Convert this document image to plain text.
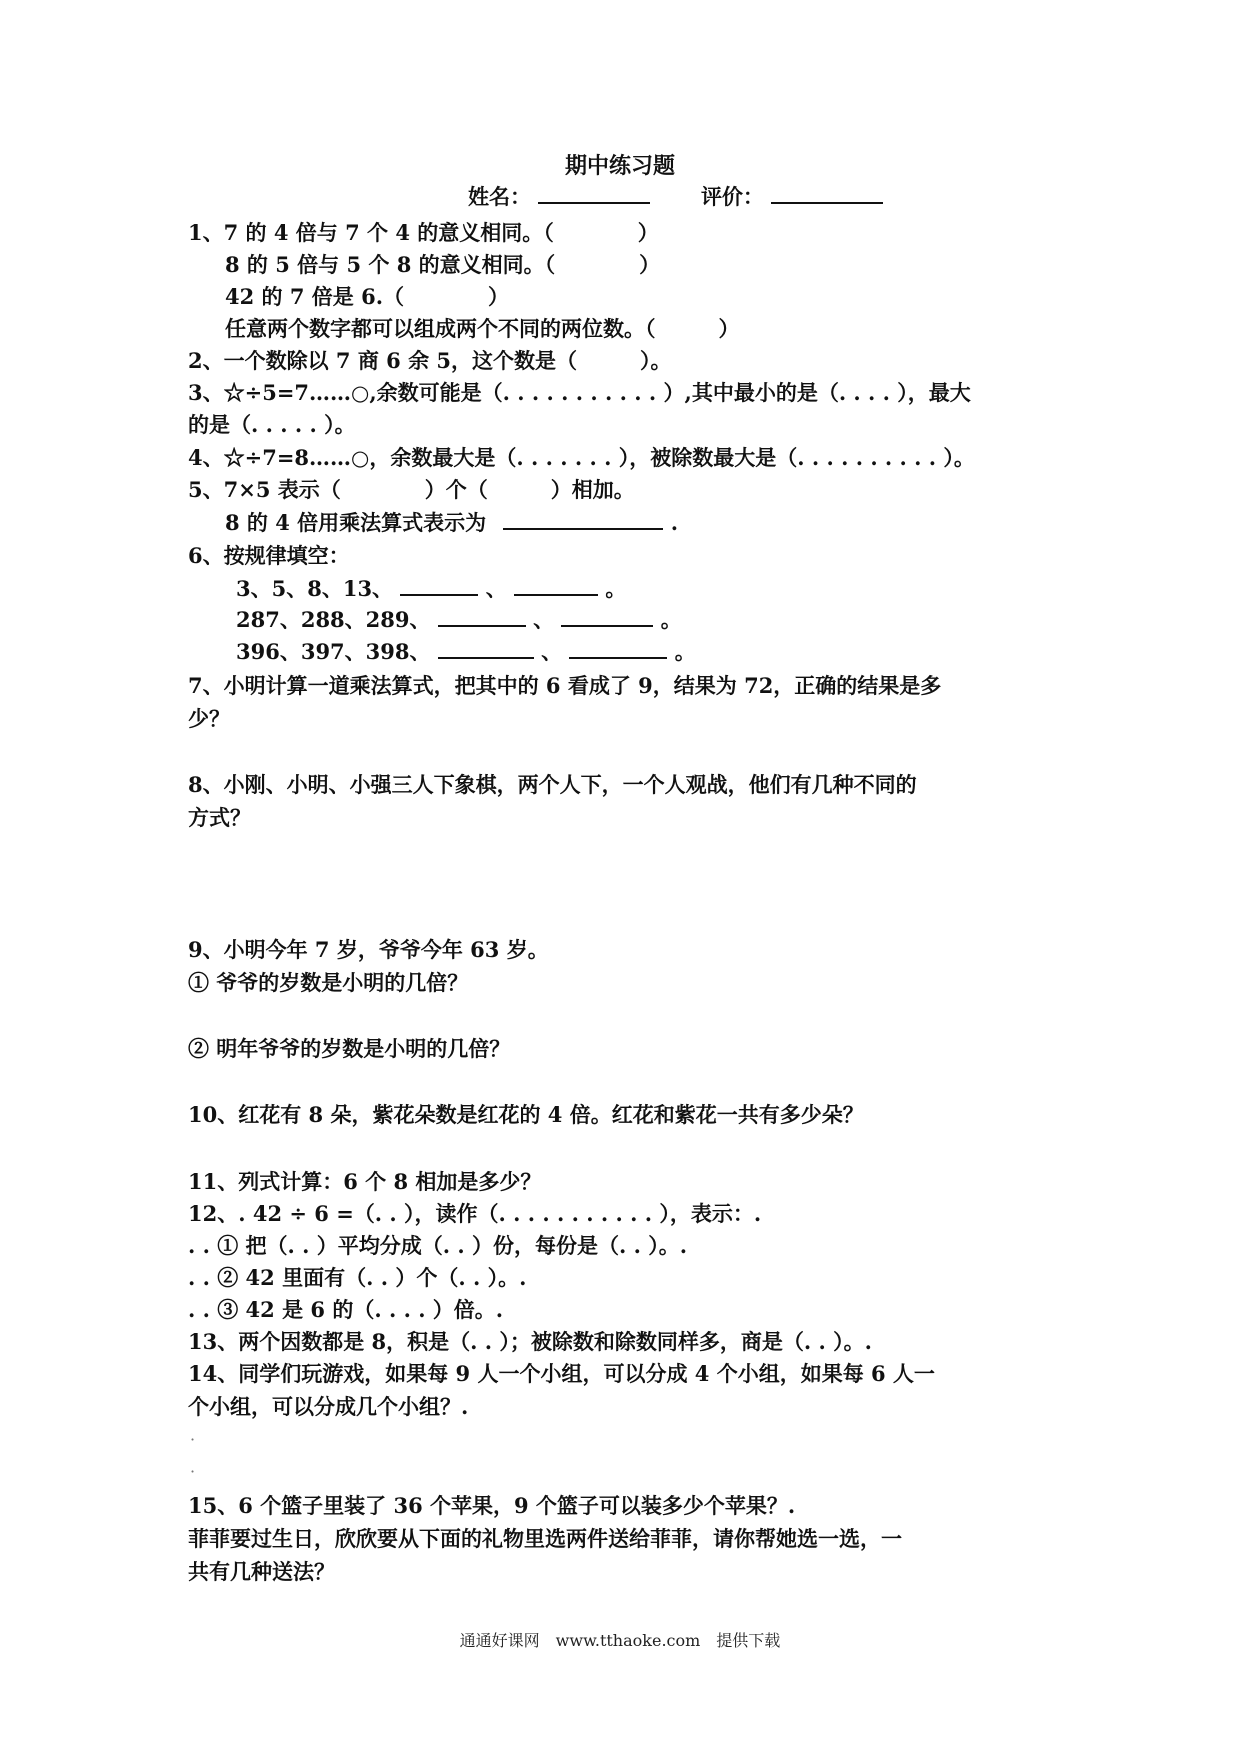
期中练习题
姓名：	评价：
1、7 的 4 倍与 7 个 4 的意义相同。（　　　　）
8 的 5 倍与 5 个 8 的意义相同。（　　　　）
42 的 7 倍是 6.（　　　　）
任意两个数字都可以组成两个不同的两位数。（　　　）
2、一个数除以 7 商 6 余 5，这个数是（　　　）。
3、☆÷5=7……○,余数可能是（. . . . . . . . . . . ）,其中最小的是（. . . . ），最大
的是（. . . . . ）。
4、☆÷7=8……○，余数最大是（. . . . . . . ），被除数最大是（. . . . . . . . . . ）。
5、7×5 表示（　　　　）个（　　　）相加。
8 的 4 倍用乘法算式表示为	.
6、按规律填空：
3、5、8、13、	、	。
287、288、289、	、	。
396、397、398、	、	。
7、小明计算一道乘法算式，把其中的 6 看成了 9，结果为 72，正确的结果是多
少？
8、小刚、小明、小强三人下象棋，两个人下，一个人观战，他们有几种不同的
方式？
9、小明今年 7 岁，爷爷今年 63 岁。
① 爷爷的岁数是小明的几倍？
② 明年爷爷的岁数是小明的几倍？
10、红花有 8 朵，紫花朵数是红花的 4 倍。红花和紫花一共有多少朵？
11、列式计算：6 个 8 相加是多少？
12、. 42 ÷ 6 =（. . ），读作（. . . . . . . . . . . ），表示：.
. . ① 把（. . ）平均分成（. . ）份，每份是（. . ）。.
. . ② 42 里面有（. . ）个（. . ）。.
. . ③ 42 是 6 的（. . . . ）倍。.
13、两个因数都是 8，积是（. . ）；被除数和除数同样多，商是（. . ）。.
14、同学们玩游戏，如果每 9 人一个小组，可以分成 4 个小组，如果每 6 人一
个小组，可以分成几个小组？.
·
·
15、6 个篮子里装了 36 个苹果，9 个篮子可以装多少个苹果？.
菲菲要过生日，欣欣要从下面的礼物里选两件送给菲菲，请你帮她选一选，一
共有几种送法？
通通好课网　www.tthaoke.com　提供下载
